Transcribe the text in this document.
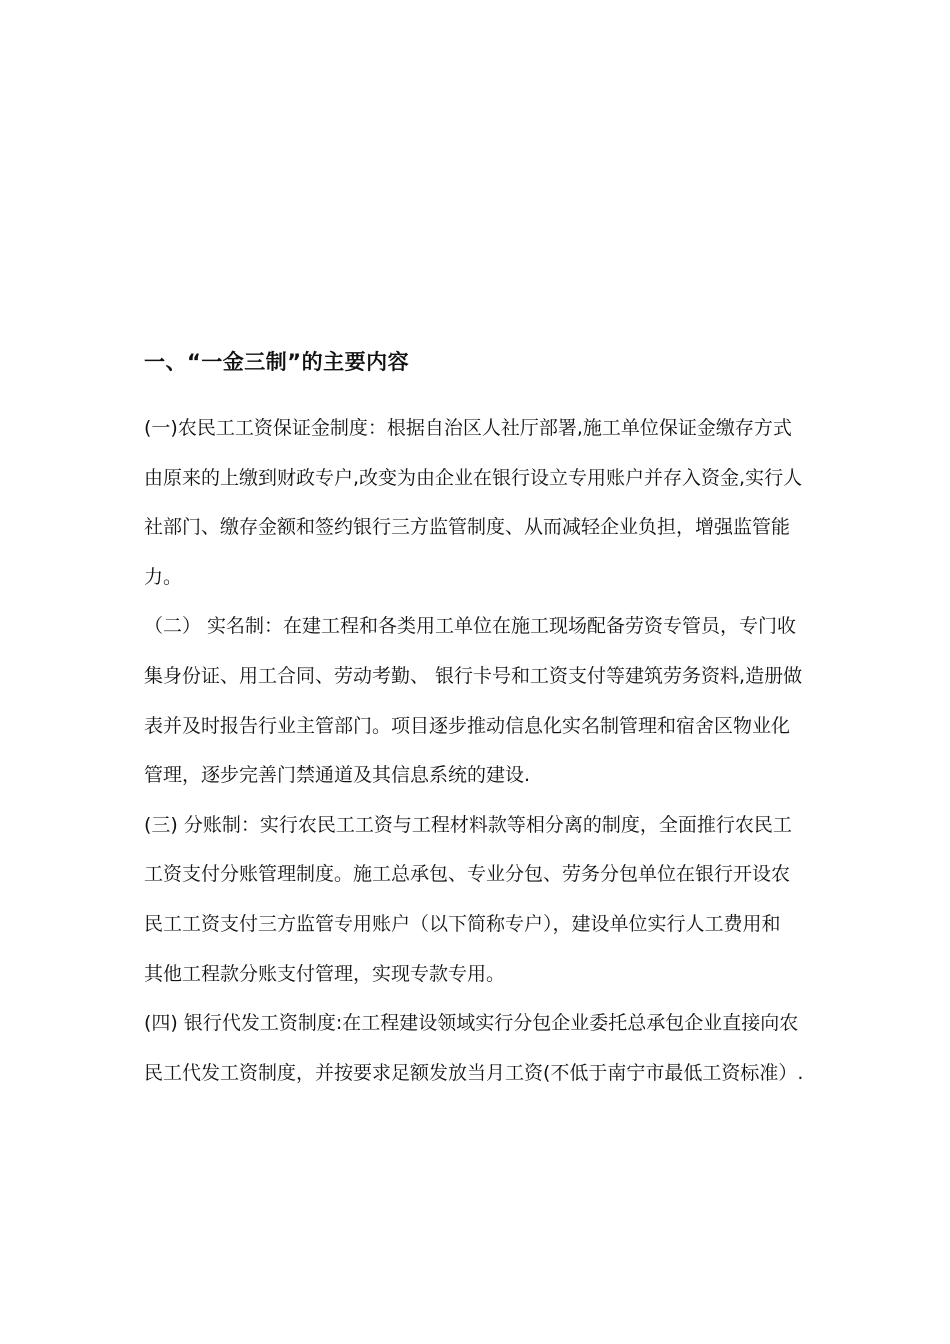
一、“一金三制”的主要内容

(一)农民工工资保证金制度：根据自治区人社厅部署,施工单位保证金缴存方式
由原来的上缴到财政专户,改变为由企业在银行设立专用账户并存入资金,实行人
社部门、缴存金额和签约银行三方监管制度、从而减轻企业负担，增强监管能
力。

（二） 实名制：在建工程和各类用工单位在施工现场配备劳资专管员，专门收
集身份证、用工合同、劳动考勤、 银行卡号和工资支付等建筑劳务资料,造册做
表并及时报告行业主管部门。项目逐步推动信息化实名制管理和宿舍区物业化
管理，逐步完善门禁通道及其信息系统的建设.

(三) 分账制：实行农民工工资与工程材料款等相分离的制度，全面推行农民工
工资支付分账管理制度。施工总承包、专业分包、劳务分包单位在银行开设农
民工工资支付三方监管专用账户（以下简称专户），建设单位实行人工费用和
其他工程款分账支付管理，实现专款专用。

(四) 银行代发工资制度:在工程建设领域实行分包企业委托总承包企业直接向农
民工代发工资制度，并按要求足额发放当月工资(不低于南宁市最低工资标准）.
